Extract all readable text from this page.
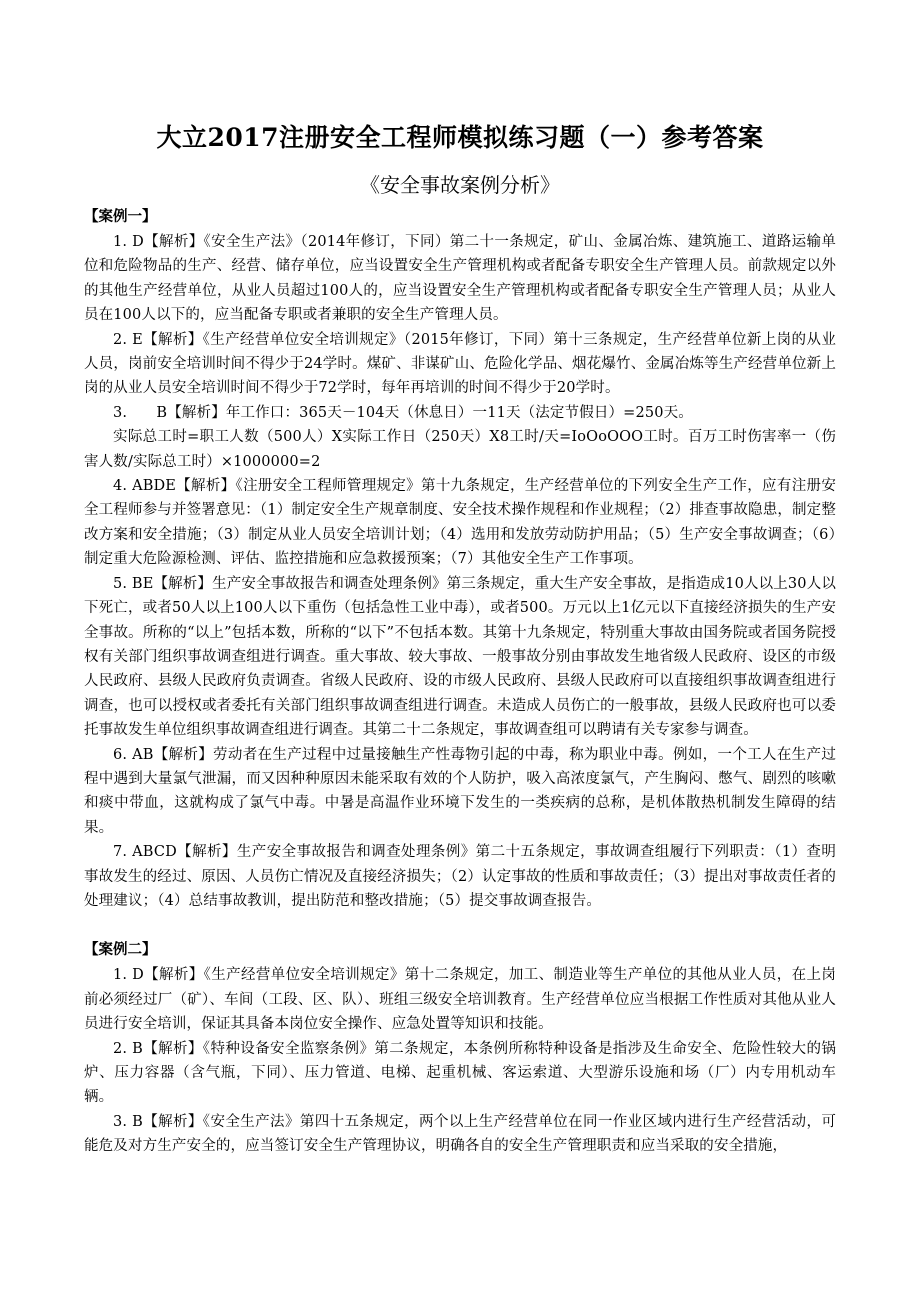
大立2017注册安全工程师模拟练习题（一）参考答案
《安全事故案例分析》
【案例一】

1. D【解析】《安全生产法》（2014年修订，下同）第二十一条规定，矿山、金属冶炼、建筑施工、道路运输单位和危险物品的生产、经营、储存单位，应当设置安全生产管理机构或者配备专职安全生产管理人员。前款规定以外的其他生产经营单位，从业人员超过100人的，应当设置安全生产管理机构或者配备专职安全生产管理人员；从业人员在100人以下的，应当配备专职或者兼职的安全生产管理人员。

2. E【解析】《生产经营单位安全培训规定》（2015年修订，下同）第十三条规定，生产经营单位新上岗的从业人员，岗前安全培训时间不得少于24学时。煤矿、非谋矿山、危险化学品、烟花爆竹、金属冶炼等生产经营单位新上岗的从业人员安全培训时间不得少于72学时，每年再培训的时间不得少于20学时。

3.　　B【解析】年工作口：365天－104天（休息日）一11天（法定节假日）=250天。

实际总工时=职工人数（500人）X实际工作日（250天）X8工时/天=IoOoOOO工时。百万工时伤害率一（伤害人数/实际总工时）×1000000=2

4. ABDE【解析】《注册安全工程师管理规定》第十九条规定，生产经营单位的下列安全生产工作，应有注册安全工程师参与并签署意见：（1）制定安全生产规章制度、安全技术操作规程和作业规程；（2）排查事故隐患，制定整改方案和安全措施；（3）制定从业人员安全培训计划；（4）选用和发放劳动防护用品；（5）生产安全事故调查；（6）制定重大危险源检测、评估、监控措施和应急救援预案；（7）其他安全生产工作事项。

5. BE【解析】生产安全事故报告和调查处理条例》第三条规定，重大生产安全事故，是指造成10人以上30人以下死亡，或者50人以上100人以下重伤（包括急性工业中毒），或者500。万元以上1亿元以下直接经济损失的生产安全事故。所称的“以上”包括本数，所称的“以下”不包括本数。其第十九条规定，特别重大事故由国务院或者国务院授权有关部门组织事故调查组进行调查。重大事故、较大事故、一般事故分别由事故发生地省级人民政府、设区的市级人民政府、县级人民政府负责调查。省级人民政府、设的市级人民政府、县级人民政府可以直接组织事故调查组进行调查，也可以授权或者委托有关部门组织事故调查组进行调查。未造成人员伤亡的一般事故，县级人民政府也可以委托事故发生单位组织事故调查组进行调查。其第二十二条规定，事故调查组可以聘请有关专家参与调查。

6. AB【解析】劳动者在生产过程中过量接触生产性毒物引起的中毒，称为职业中毒。例如，一个工人在生产过程中遇到大量氯气泄漏，而又因种种原因未能采取有效的个人防护，吸入高浓度氯气，产生胸闷、憋气、剧烈的咳嗽和痰中带血，这就构成了氯气中毒。中暑是高温作业环境下发生的一类疾病的总称，是机体散热机制发生障碍的结果。

7. ABCD【解析】生产安全事故报告和调查处理条例》第二十五条规定，事故调查组履行下列职责：（1）查明事故发生的经过、原因、人员伤亡情况及直接经济损失；（2）认定事故的性质和事故责任；（3）提出对事故责任者的处理建议；（4）总结事故教训，提出防范和整改措施；（5）提交事故调查报告。

【案例二】

1. D【解析】《生产经营单位安全培训规定》第十二条规定，加工、制造业等生产单位的其他从业人员，在上岗前必须经过厂（矿）、车间（工段、区、队）、班组三级安全培训教育。生产经营单位应当根据工作性质对其他从业人员进行安全培训，保证其具备本岗位安全操作、应急处置等知识和技能。

2. B【解析】《特种设备安全监察条例》第二条规定，本条例所称特种设备是指涉及生命安全、危险性较大的锅炉、压力容器（含气瓶，下同）、压力管道、电梯、起重机械、客运索道、大型游乐设施和场（厂）内专用机动车辆。

3. B【解析】《安全生产法》第四十五条规定，两个以上生产经营单位在同一作业区域内进行生产经营活动，可能危及对方生产安全的，应当签订安全生产管理协议，明确各自的安全生产管理职责和应当采取的安全措施，
